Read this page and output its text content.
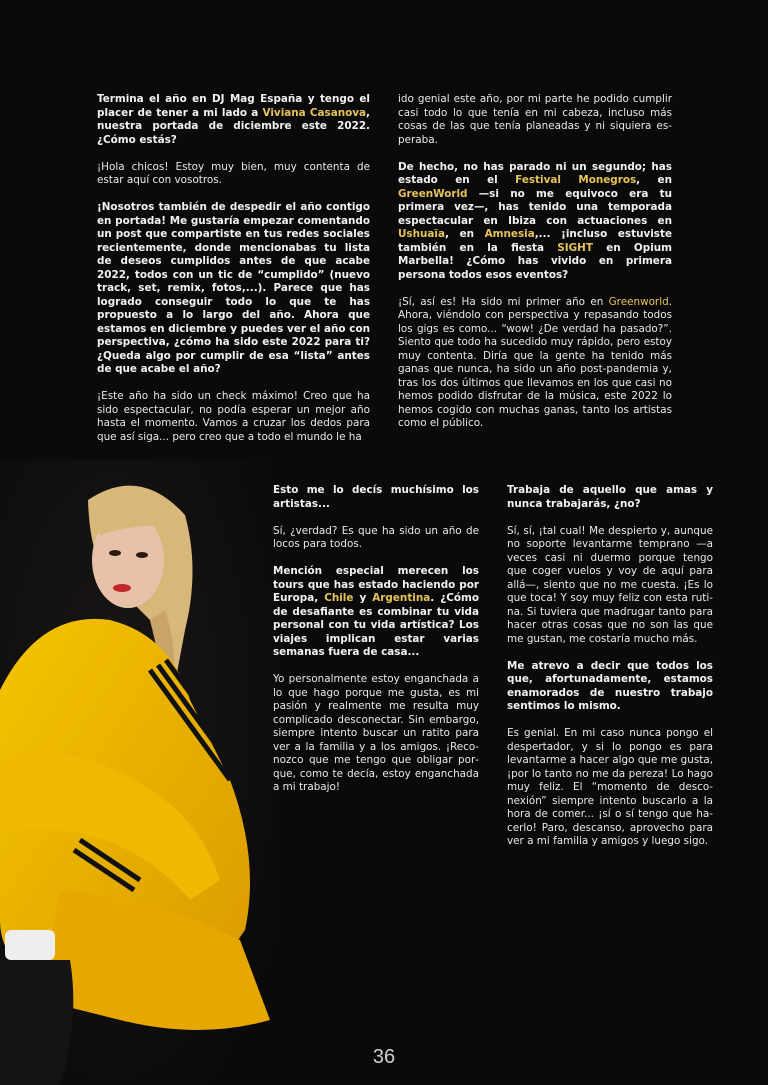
Termina el año en DJ Mag España y tengo el placer de tener a mi lado a Viviana Casanova, nuestra portada de diciembre este 2022. ¿Cómo estás?

¡Hola chicos! Estoy muy bien, muy contenta de estar aquí con vosotros.

¡Nosotros también de despedir el año contigo en portada! Me gustaría empezar comentando un post que compartiste en tus redes sociales recientemente, donde mencionabas tu lista de deseos cumplidos antes de que acabe 2022, todos con un tic de “cumplido” (nuevo track, set, remix, fotos,...). Parece que has logrado conseguir todo lo que te has propuesto a lo largo del año. Ahora que estamos en diciembre y puedes ver el año con perspectiva, ¿cómo ha sido este 2022 para ti? ¿Queda algo por cumplir de esa “lista” antes de que acabe el año?

¡Este año ha sido un check máximo! Creo que ha sido espectacular, no podía esperar un mejor año hasta el momento. Vamos a cruzar los dedos para que así siga... pero creo que a todo el mundo le ha

ido genial este año, por mi parte he podido cumplir casi todo lo que tenía en mi cabeza, incluso más cosas de las que tenía planeadas y ni siquiera esperaba.

De hecho, no has parado ni un segundo; has estado en el Festival Monegros, en GreenWorld —si no me equivoco era tu primera vez—, has tenido una temporada espectacular en Ibiza con actuaciones en Ushuaïa, en Amnesia,... ¡incluso estuviste también en la fiesta SIGHT en Opium Marbella! ¿Cómo has vivido en primera persona todos esos eventos?

¡Sí, así es! Ha sido mi primer año en Greenworld. Ahora, viéndolo con perspectiva y repasando todos los gigs es como... “wow! ¿De verdad ha pasado?”. Siento que todo ha sucedido muy rápido, pero estoy muy contenta. Diría que la gente ha tenido más ganas que nunca, ha sido un año post-pandemia y, tras los dos últimos que llevamos en los que casi no hemos podido disfrutar de la música, este 2022 lo hemos cogido con muchas ganas, tanto los artistas como el público.

Esto me lo decís muchísimo los artistas...

Sí, ¿verdad? Es que ha sido un año de locos para todos.

Mención especial merecen los tours que has estado haciendo por Europa, Chile y Argentina. ¿Cómo de desafiante es combinar tu vida personal con tu vida artística? Los viajes implican estar varias semanas fuera de casa...

Yo personalmente estoy enganchada a lo que hago porque me gusta, es mi pasión y realmente me resulta muy complicado desconectar. Sin embargo, siempre intento buscar un ratito para ver a la familia y a los amigos. ¡Reconozco que me tengo que obligar porque, como te decía, estoy enganchada a mi trabajo!

Trabaja de aquello que amas y nunca trabajarás, ¿no?

Sí, sí, ¡tal cual! Me despierto y, aunque no soporte levantarme temprano —a veces casi ni duermo porque tengo que coger vuelos y voy de aquí para allá—, siento que no me cuesta. ¡Es lo que toca! Y soy muy feliz con esta rutina. Si tuviera que madrugar tanto para hacer otras cosas que no son las que me gustan, me costaría mucho más.

Me atrevo a decir que todos los que, afortunadamente, estamos enamorados de nuestro trabajo sentimos lo mismo.

Es genial. En mi caso nunca pongo el despertador, y si lo pongo es para levantarme a hacer algo que me gusta, ¡por lo tanto no me da pereza! Lo hago muy feliz. El “momento de desconexión” siempre intento buscarlo a la hora de comer... ¡sí o sí tengo que hacerlo! Paro, descanso, aprovecho para ver a mi familia y amigos y luego sigo.

36
